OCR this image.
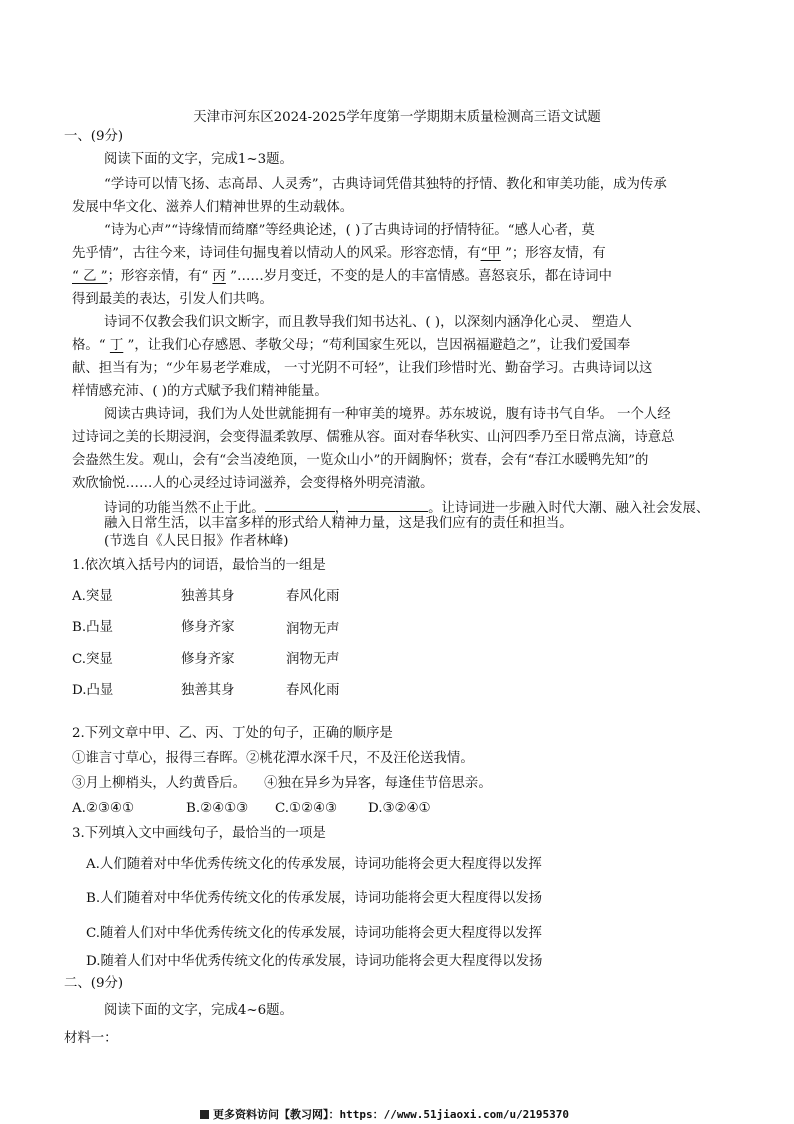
天津市河东区2024-2025学年度第一学期期末质量检测高三语文试题
一、(9分)
阅读下面的文字，完成1~3题。
“学诗可以情飞扬、志高昂、人灵秀”，古典诗词凭借其独特的抒情、教化和审美功能，成为传承
发展中华文化、滋养人们精神世界的生动载体。
“诗为心声”“诗缘情而绮靡”等经典论述，( )了古典诗词的抒情特征。“感人心者，莫
先乎情”，古往今来，诗词佳句掘曳着以情动人的风采。形容恋情，有“甲 ”；形容友情，有
“ 乙 ”；形容亲情，有“ 丙 ”……岁月变迁，不变的是人的丰富情感。喜怒哀乐，都在诗词中
得到最美的表达，引发人们共鸣。
诗词不仅教会我们识文断字，而且教导我们知书达礼、( )，以深刻内涵净化心灵、 塑造人
格。“ 丁 ”，让我们心存感恩、孝敬父母；“苟利国家生死以，岂因祸福避趋之”，让我们爱国奉
献、担当有为；“少年易老学难成， 一寸光阴不可轻”，让我们珍惜时光、勤奋学习。古典诗词以这
样情感充沛、( )的方式赋予我们精神能量。
阅读古典诗词，我们为人处世就能拥有一种审美的境界。苏东坡说，腹有诗书气自华。 一个人经
过诗词之美的长期浸润，会变得温柔敦厚、儒雅从容。面对春华秋实、山河四季乃至日常点滴，诗意总
会盎然生发。观山，会有“会当凌绝顶，一览众山小”的开阔胸怀；赏春，会有“春江水暖鸭先知”的
欢欣愉悦……人的心灵经过诗词滋养，会变得格外明亮清澈。
诗词的功能当然不止于此。	，	。让诗词进一步融入时代大潮、融入社会发展、
融入日常生活，以丰富多样的形式给人精神力量，这是我们应有的责任和担当。
(节选自《人民日报》作者林峰)
1.依次填入括号内的词语，最恰当的一组是
A.突显	独善其身	春风化雨
B.凸显	修身齐家	润物无声
C.突显	修身齐家	润物无声
D.凸显	独善其身	春风化雨
2.下列文章中甲、乙、丙、丁处的句子，正确的顺序是
①谁言寸草心，报得三春晖。②桃花潭水深千尺，不及汪伦送我情。
③月上柳梢头，人约黄昏后。 ④独在异乡为异客，每逢佳节倍思亲。
A.②③④①	B.②④①③ C.①②④③ D.③②④①
3.下列填入文中画线句子，最恰当的一项是
A.人们随着对中华优秀传统文化的传承发展，诗词功能将会更大程度得以发挥
B.人们随着对中华优秀传统文化的传承发展，诗词功能将会更大程度得以发扬
C.随着人们对中华优秀传统文化的传承发展，诗词功能将会更大程度得以发挥
D.随着人们对中华优秀传统文化的传承发展，诗词功能将会更大程度得以发扬
二、(9分)
阅读下面的文字，完成4~6题。
材料一：
更多资料访问【教习网】：https：//www.51jiaoxi.com/u/2195370
